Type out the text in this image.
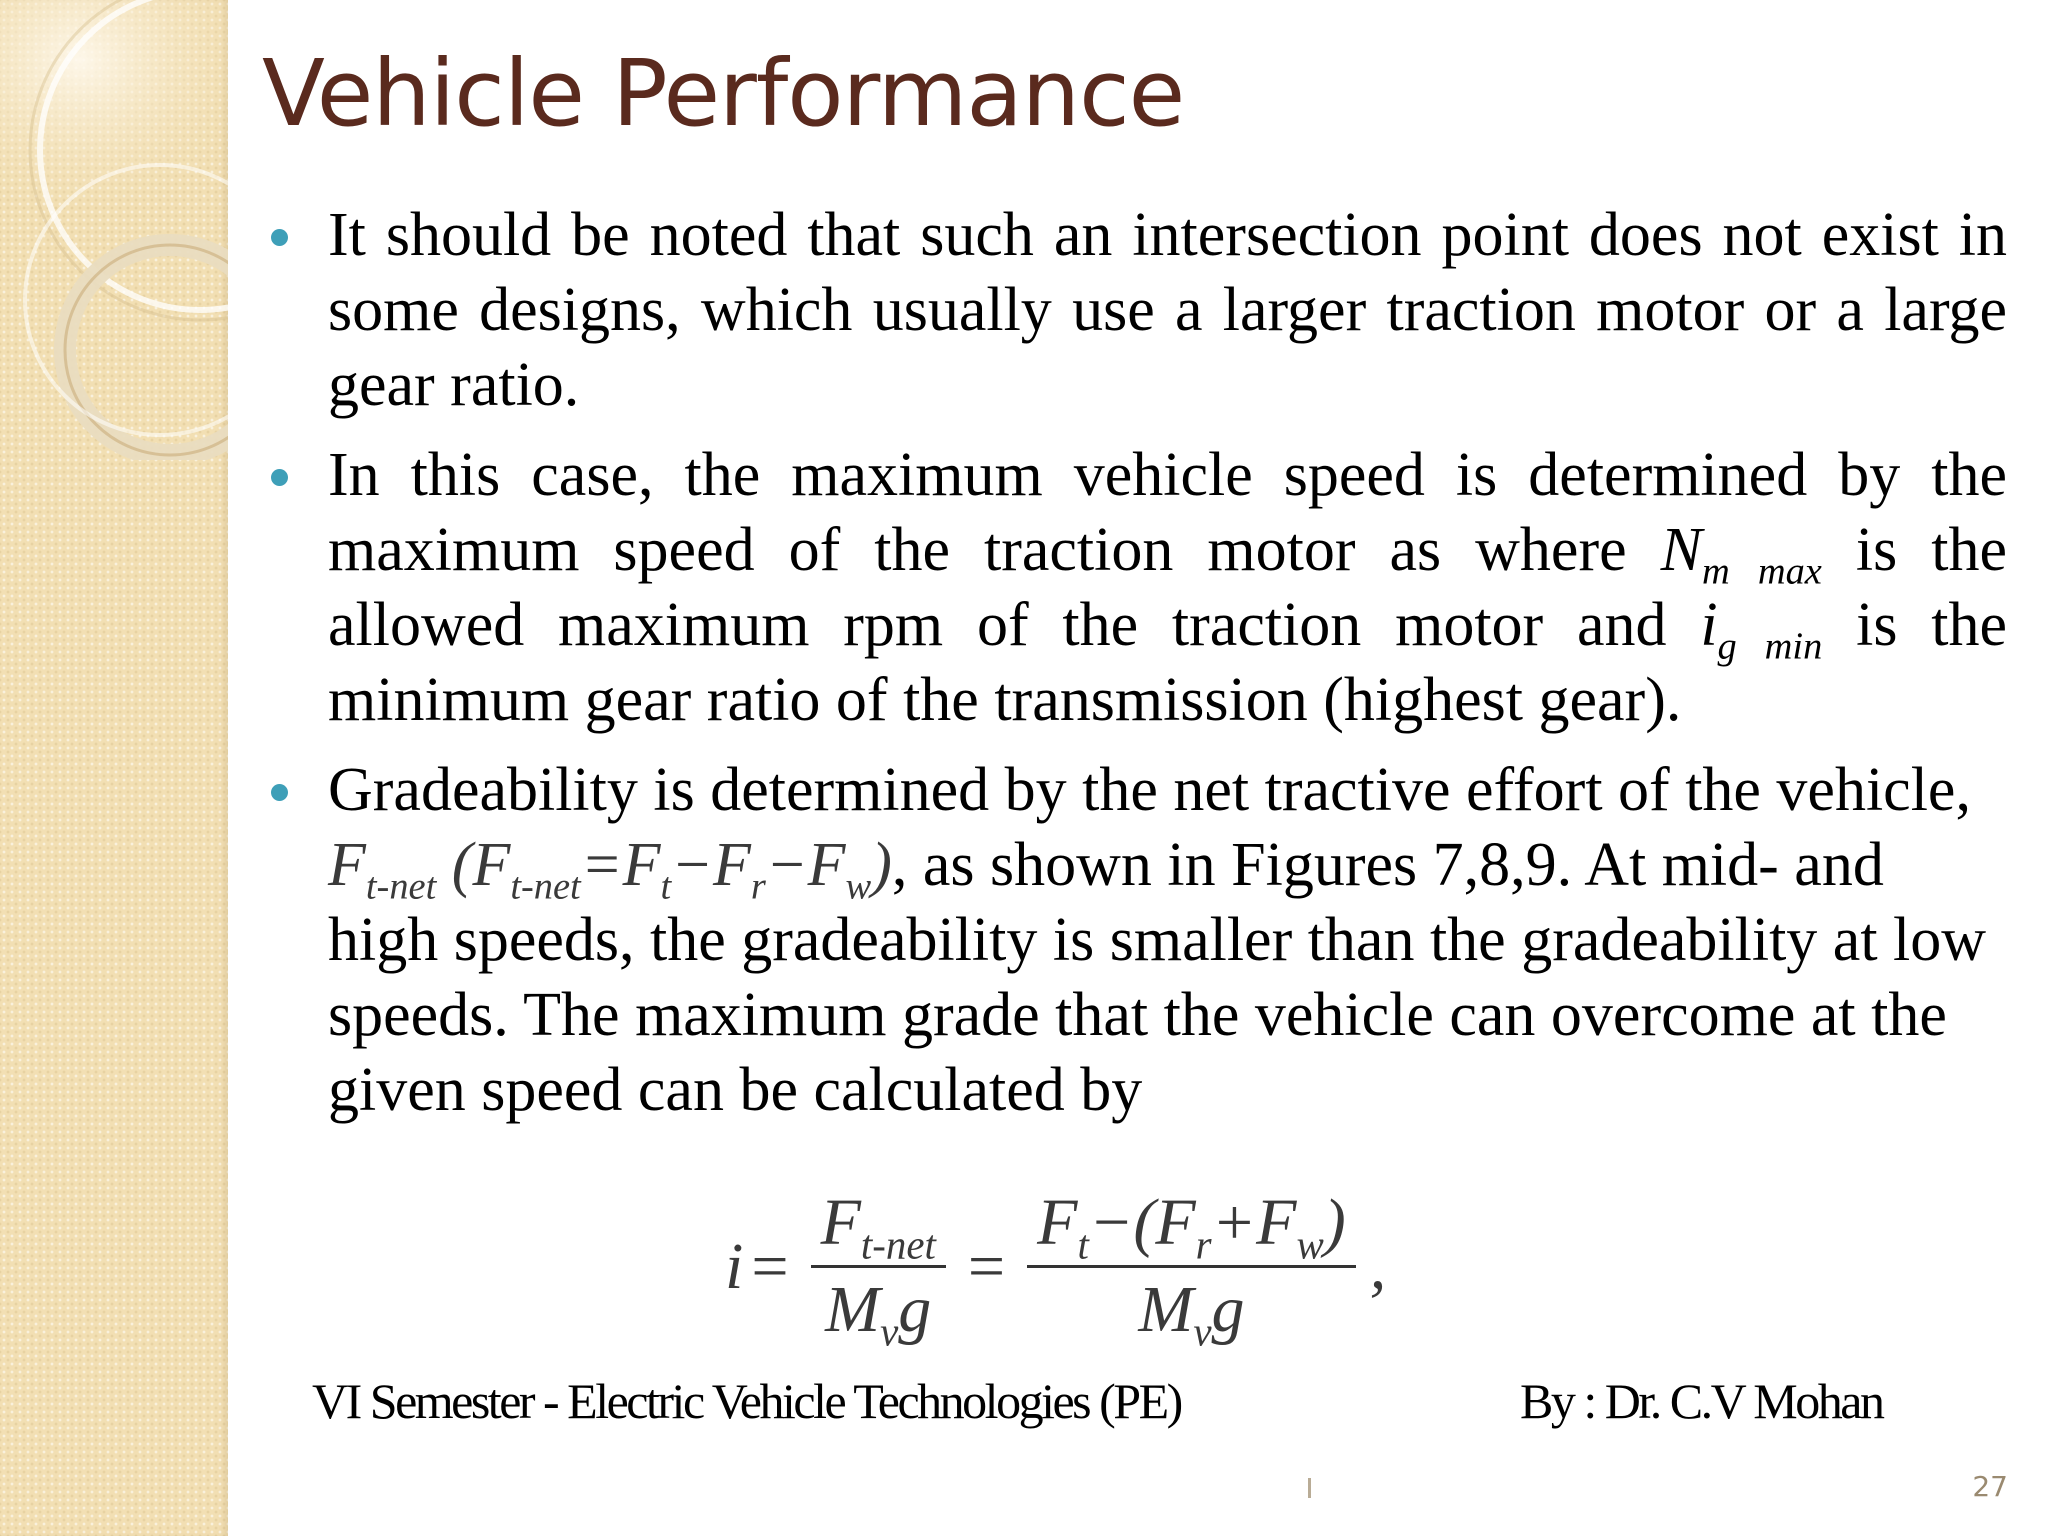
Vehicle Performance

It should be noted that such an intersection point does not exist in some designs, which usually use a larger traction motor or a large gear ratio.

In this case, the maximum vehicle speed is determined by the maximum speed of the traction motor as where $N_{m max}$ is the allowed maximum rpm of the traction motor and $i_{g min}$ is the minimum gear ratio of the transmission (highest gear).

Gradeability is determined by the net tractive effort of the vehicle, $F_{t-net}$ $(F_{t-net}=F_t-F_r-F_w)$, as shown in Figures 7,8,9. At mid- and high speeds, the gradeability is smaller than the gradeability at low speeds. The maximum grade that the vehicle can overcome at the given speed can be calculated by

$i = \frac{F_{t-net}}{M_vg} = \frac{F_t-(F_r+F_w)}{M_vg}$ ,
VI Semester - Electric Vehicle Technologies (PE)	By : Dr. C.V Mohan
27
